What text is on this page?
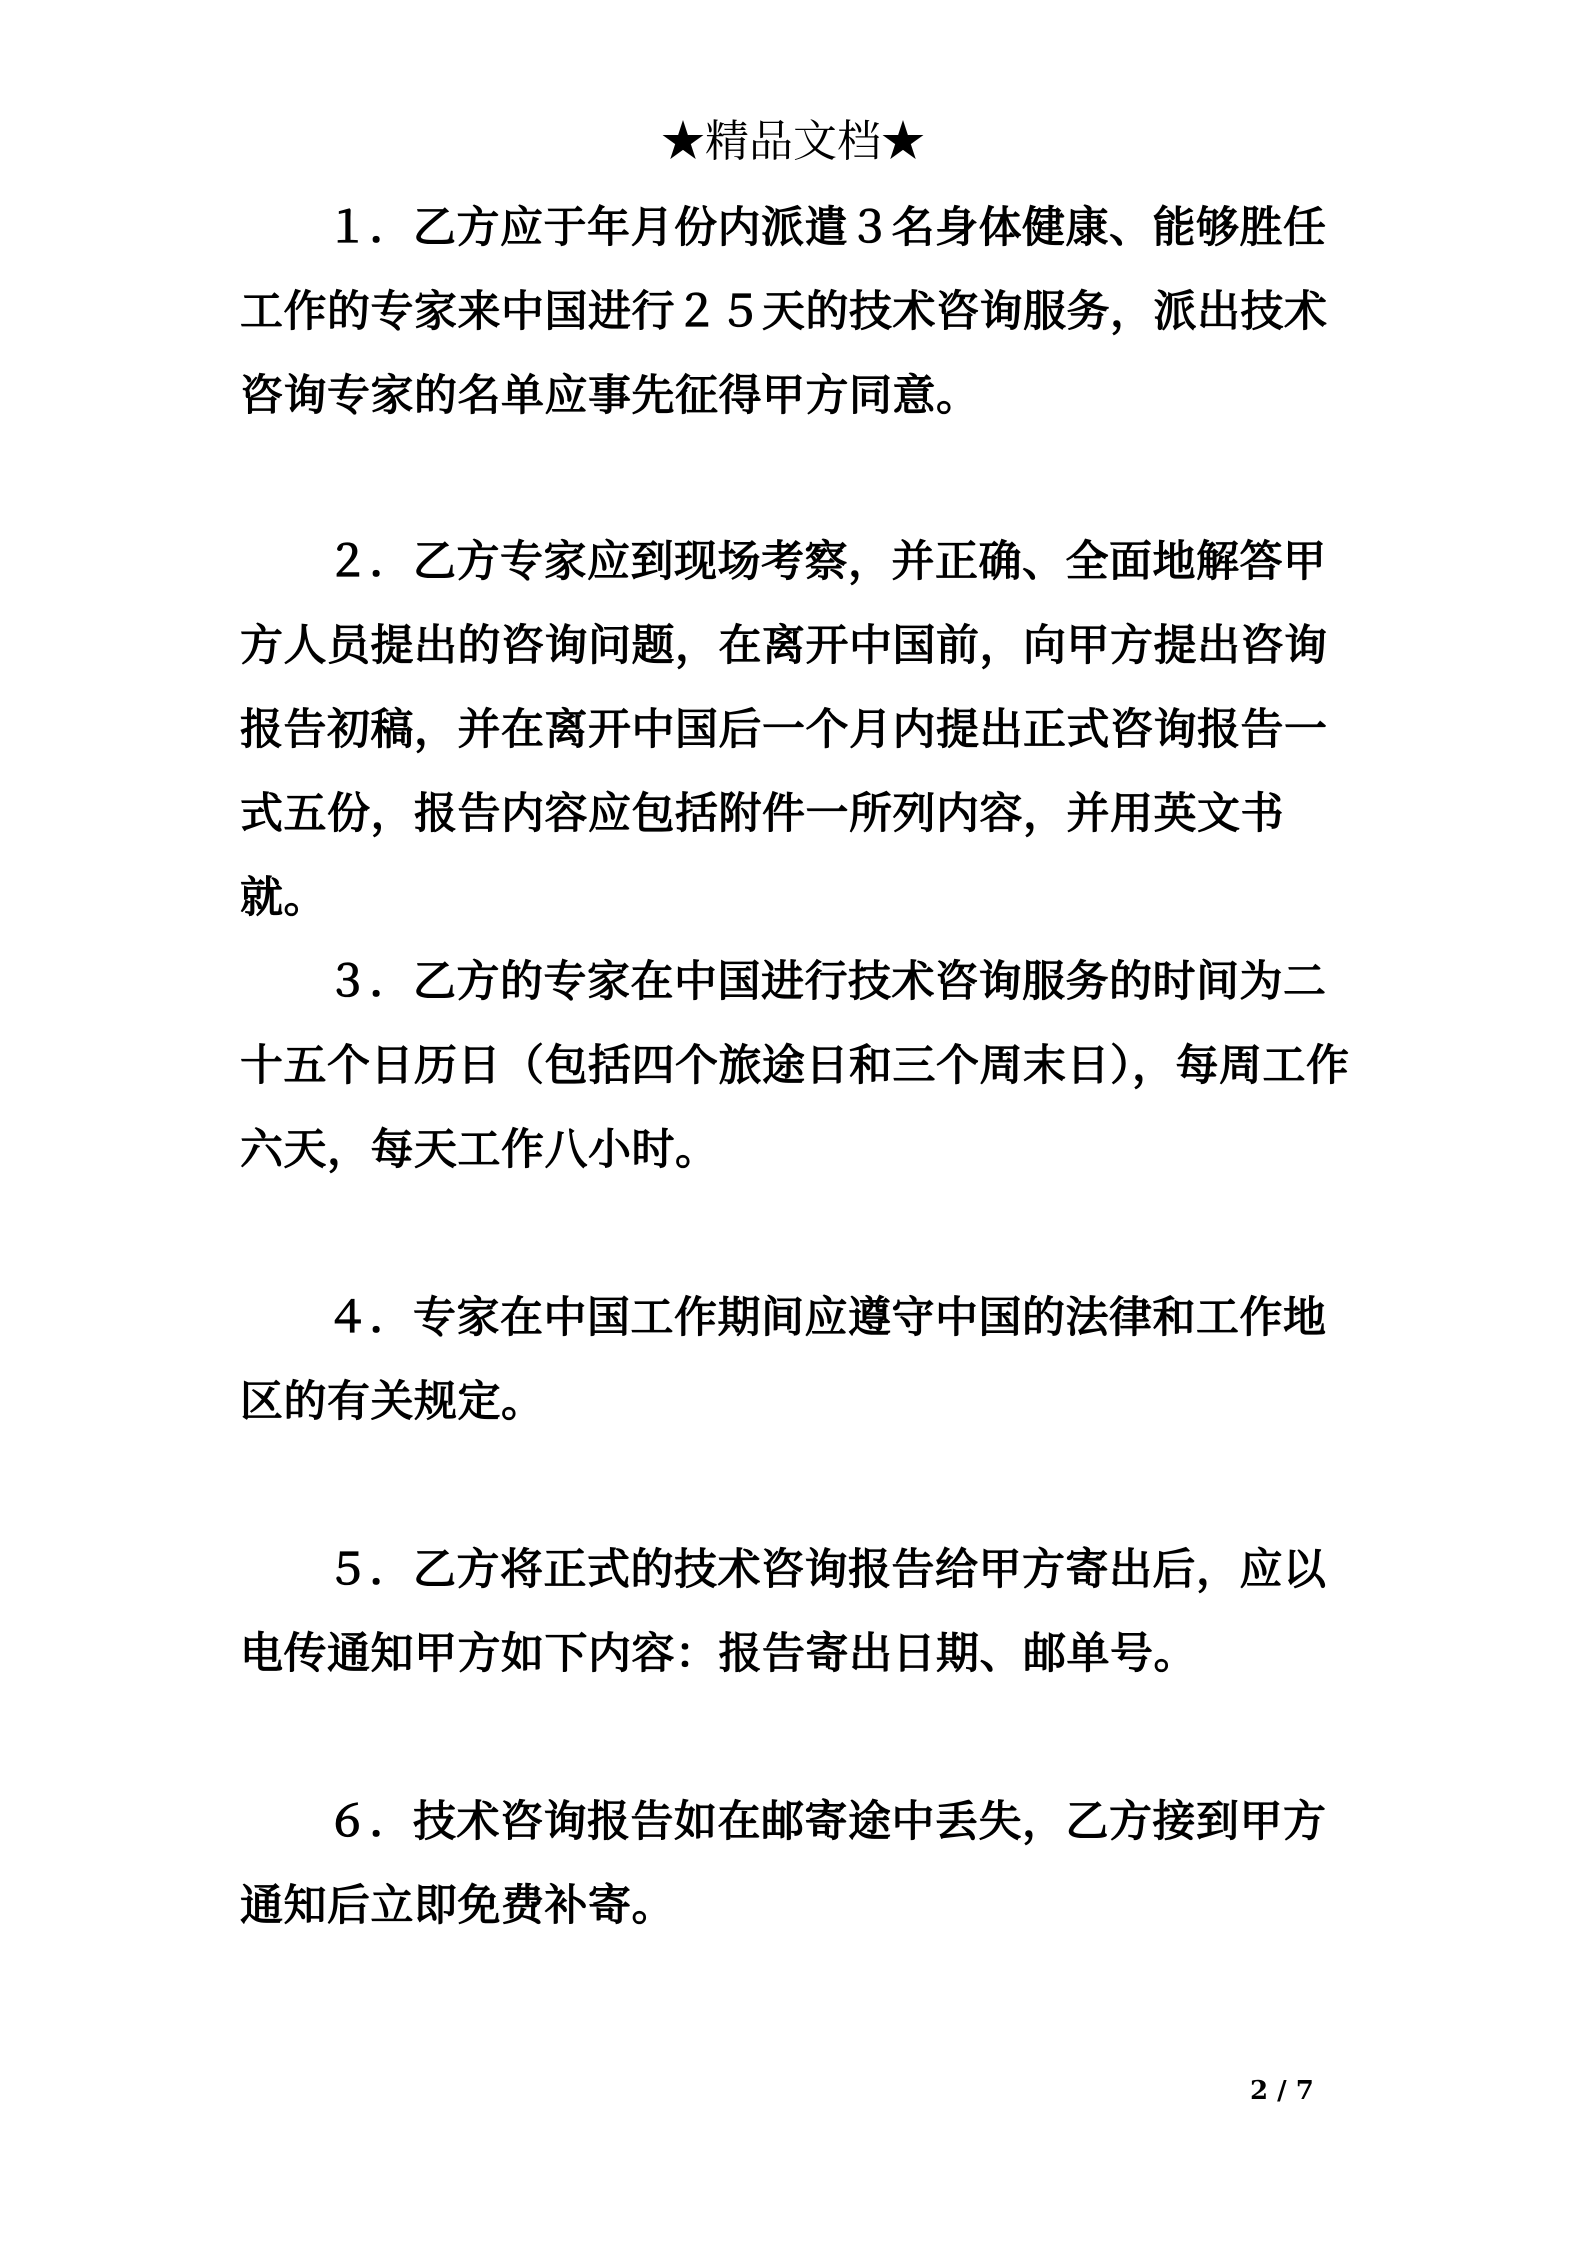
★精品文档★

１．乙方应于年月份内派遣３名身体健康、能够胜任工作的专家来中国进行２５天的技术咨询服务，派出技术咨询专家的名单应事先征得甲方同意。

２．乙方专家应到现场考察，并正确、全面地解答甲方人员提出的咨询问题，在离开中国前，向甲方提出咨询报告初稿，并在离开中国后一个月内提出正式咨询报告一式五份，报告内容应包括附件一所列内容，并用英文书就。

３．乙方的专家在中国进行技术咨询服务的时间为二十五个日历日（包括四个旅途日和三个周末日），每周工作六天，每天工作八小时。

４．专家在中国工作期间应遵守中国的法律和工作地区的有关规定。

５．乙方将正式的技术咨询报告给甲方寄出后，应以电传通知甲方如下内容：报告寄出日期、邮单号。

６．技术咨询报告如在邮寄途中丢失，乙方接到甲方通知后立即免费补寄。

2 / 7
